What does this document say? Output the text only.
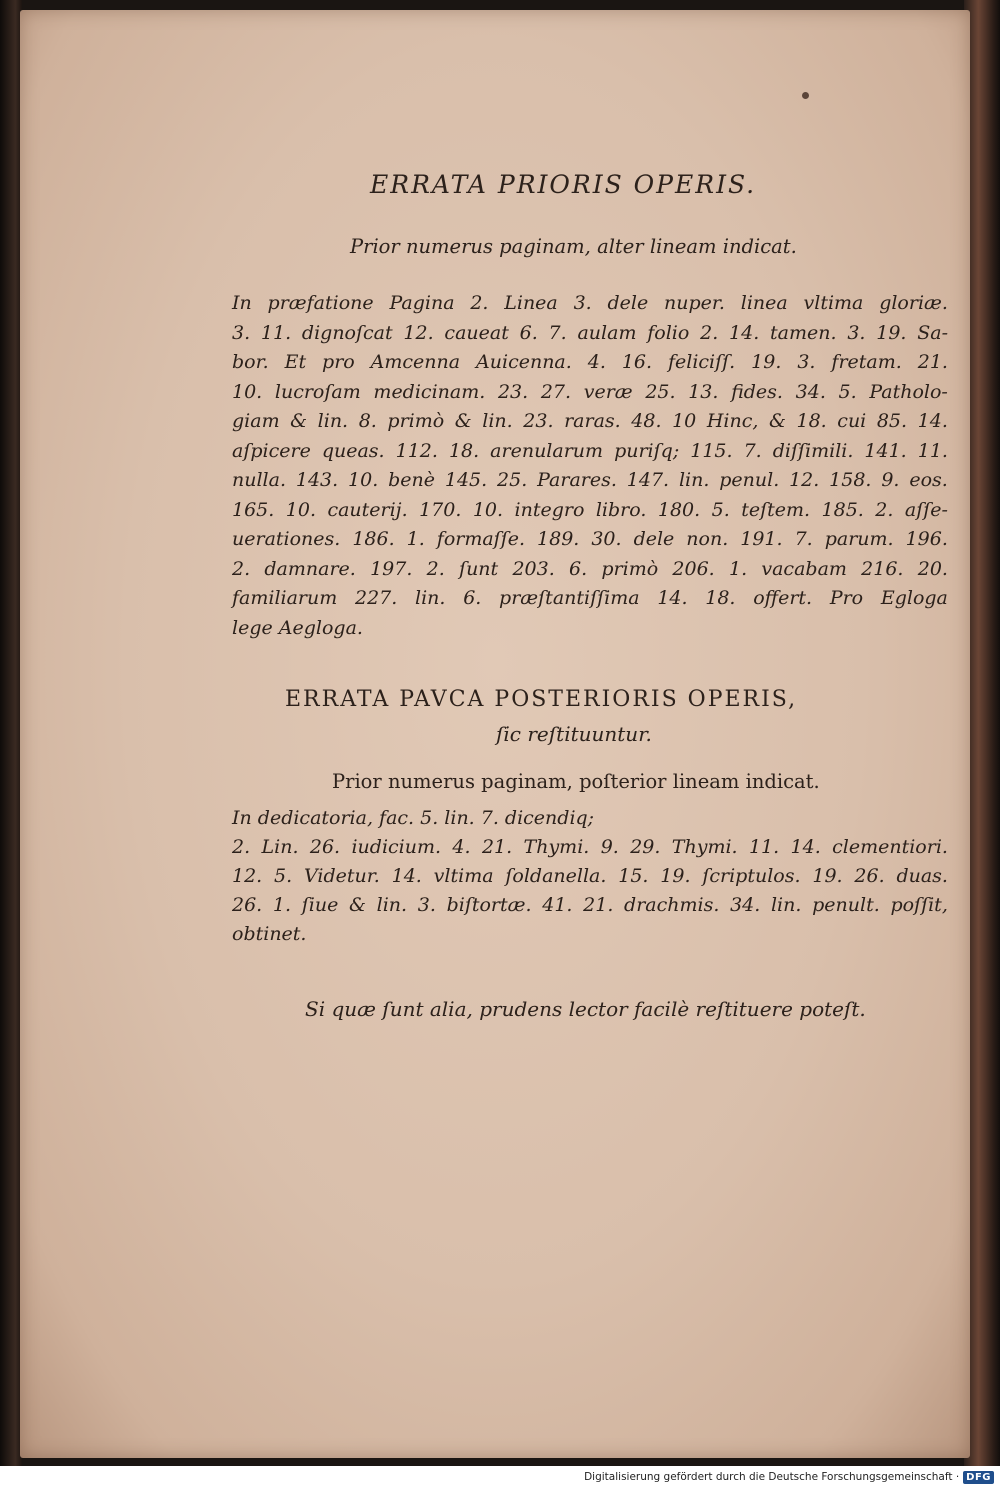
ERRATA PRIORIS OPERIS.
Prior numerus paginam, alter lineam indicat.
In præfatione Pagina 2. Linea 3. dele nuper. linea vltima gloriæ.
3. 11. dignoſcat 12. caueat 6. 7. aulam folio 2. 14. tamen. 3. 19. Sa-
bor. Et pro Amcenna Auicenna. 4. 16. feliciſſ. 19. 3. fretam. 21.
10. lucroſam medicinam. 23. 27. veræ 25. 13. fides. 34. 5. Patholo-
giam & lin. 8. primò & lin. 23. raras. 48. 10 Hinc, & 18. cui 85. 14.
aſpicere queas. 112. 18. arenularum puriſq; 115. 7. diſſimili. 141. 11.
nulla. 143. 10. benè 145. 25. Parares. 147. lin. penul. 12. 158. 9. eos.
165. 10. cauterij. 170. 10. integro libro. 180. 5. teſtem. 185. 2. aſſe-
uerationes. 186. 1. formaſſe. 189. 30. dele non. 191. 7. parum. 196.
2. damnare. 197. 2. ſunt 203. 6. primò 206. 1. vacabam 216. 20.
familiarum 227. lin. 6. præſtantiſſima 14. 18. offert. Pro Egloga
lege Aegloga.
ERRATA PAVCA POSTERIORIS OPERIS,
ſic reſtituuntur.
Prior numerus paginam, poſterior lineam indicat.
In dedicatoria, fac. 5. lin. 7. dicendiq;
2. Lin. 26. iudicium. 4. 21. Thymi. 9. 29. Thymi. 11. 14. clementiori.
12. 5. Videtur. 14. vltima ſoldanella. 15. 19. ſcriptulos. 19. 26. duas.
26. 1. ſiue & lin. 3. biſtortæ. 41. 21. drachmis. 34. lin. penult. poſſit,
obtinet.
Si quæ ſunt alia, prudens lector facilè reſtituere poteſt.
Digitalisierung gefördert durch die Deutsche Forschungsgemeinschaft · DFG
